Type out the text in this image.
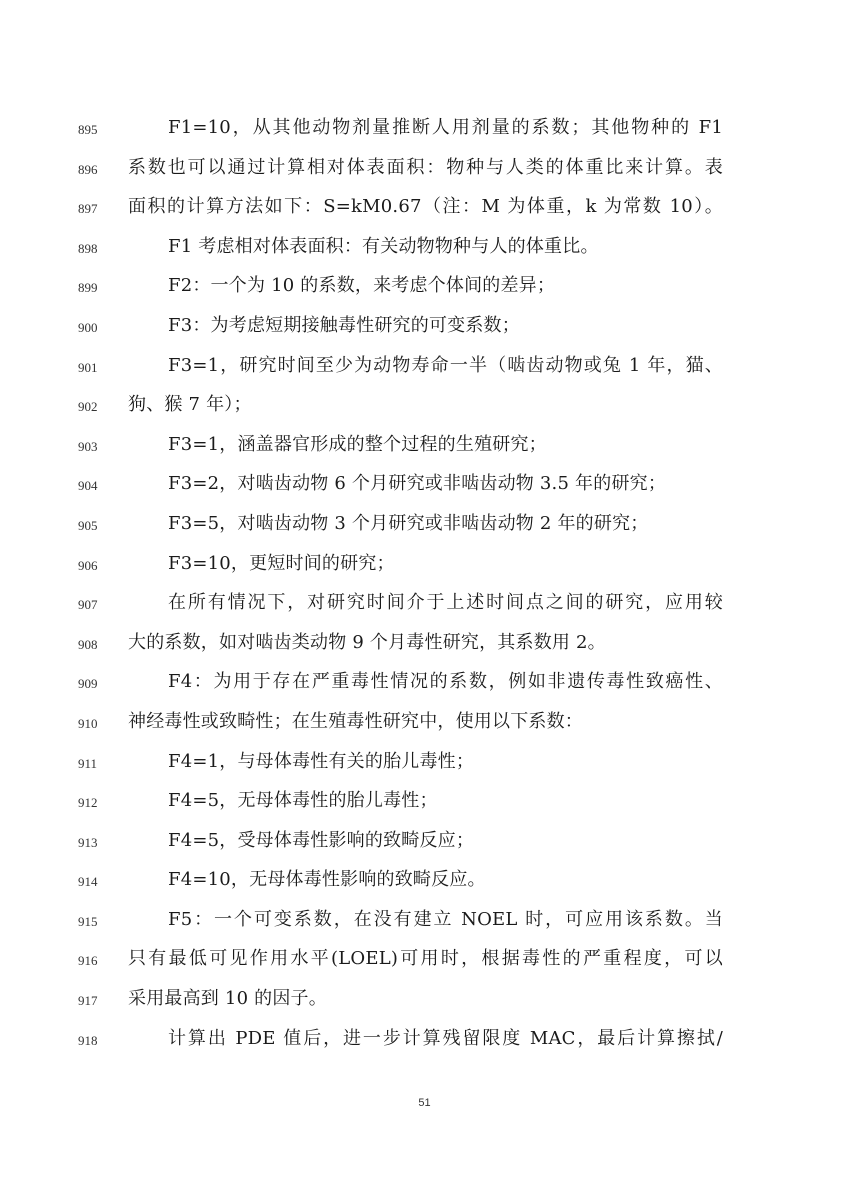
895	F1=10，从其他动物剂量推断人用剂量的系数；其他物种的 F1
896	系数也可以通过计算相对体表面积：物种与人类的体重比来计算。表
897	面积的计算方法如下：S=kM0.67（注：M 为体重，k 为常数 10）。
898	F1 考虑相对体表面积：有关动物物种与人的体重比。
899	F2：一个为 10 的系数，来考虑个体间的差异；
900	F3：为考虑短期接触毒性研究的可变系数；
901	F3=1，研究时间至少为动物寿命一半（啮齿动物或兔 1 年，猫、
902	狗、猴 7 年）；
903	F3=1，涵盖器官形成的整个过程的生殖研究；
904	F3=2，对啮齿动物 6 个月研究或非啮齿动物 3.5 年的研究；
905	F3=5，对啮齿动物 3 个月研究或非啮齿动物 2 年的研究；
906	F3=10，更短时间的研究；
907	在所有情况下，对研究时间介于上述时间点之间的研究，应用较
908	大的系数，如对啮齿类动物 9 个月毒性研究，其系数用 2。
909	F4：为用于存在严重毒性情况的系数，例如非遗传毒性致癌性、
910	神经毒性或致畸性；在生殖毒性研究中，使用以下系数：
911	F4=1，与母体毒性有关的胎儿毒性；
912	F4=5，无母体毒性的胎儿毒性；
913	F4=5，受母体毒性影响的致畸反应；
914	F4=10，无母体毒性影响的致畸反应。
915	F5：一个可变系数，在没有建立 NOEL 时，可应用该系数。当
916	只有最低可见作用水平(LOEL)可用时，根据毒性的严重程度，可以
917	采用最高到 10 的因子。
918	计算出 PDE 值后，进一步计算残留限度 MAC，最后计算擦拭/
51
